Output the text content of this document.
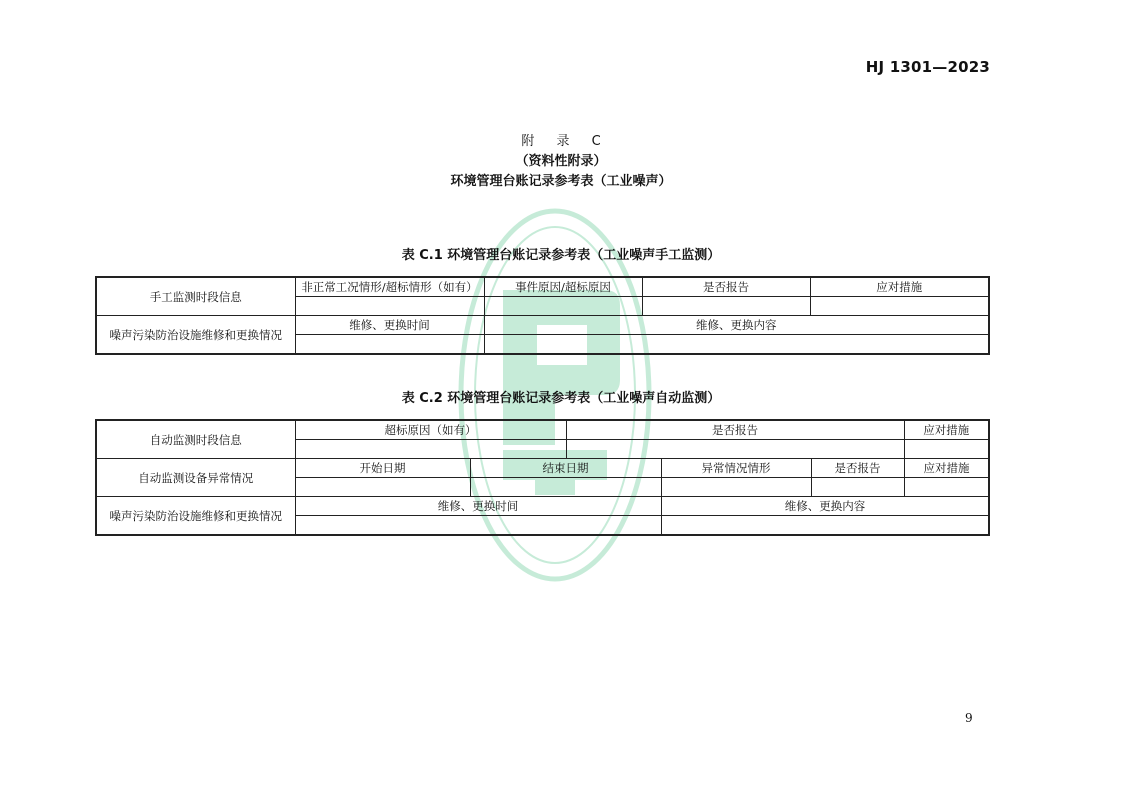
HJ 1301—2023
附 录 C
（资料性附录）
环境管理台账记录参考表（工业噪声）
表 C.1 环境管理台账记录参考表（工业噪声手工监测）
手工监测时段信息	非正常工况情形/超标情形（如有）	事件原因/超标原因	是否报告	应对措施

噪声污染防治设施维修和更换情况	维修、更换时间	维修、更换内容		

表 C.2 环境管理台账记录参考表（工业噪声自动监测）
自动监测时段信息	超标原因（如有）		是否报告			应对措施

自动监测设备异常情况	开始日期	结束日期		异常情况情形	是否报告	应对措施

噪声污染防治设施维修和更换情况	维修、更换时间			维修、更换内容		

9
